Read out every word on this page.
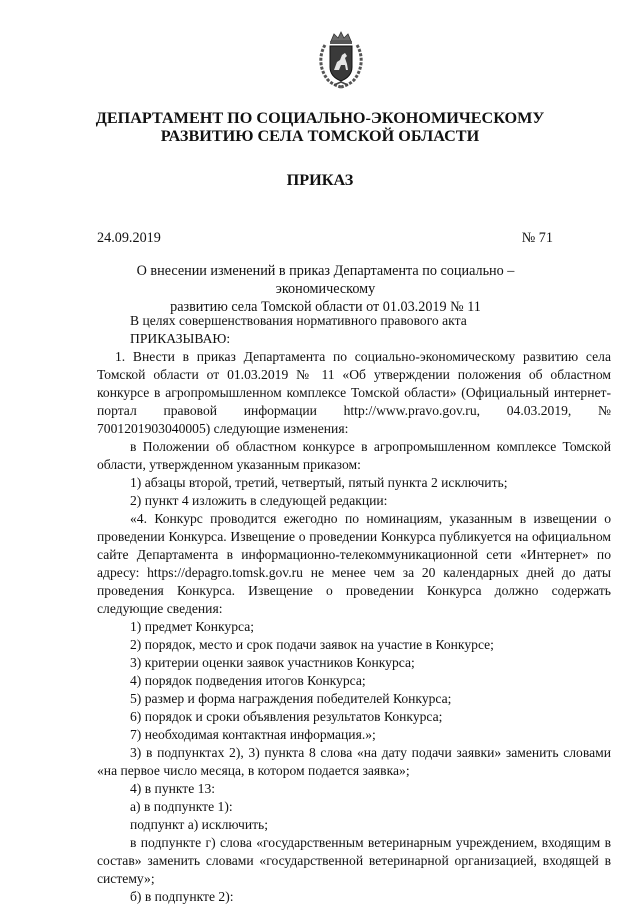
ДЕПАРТАМЕНТ ПО СОЦИАЛЬНО-ЭКОНОМИЧЕСКОМУ
РАЗВИТИЮ СЕЛА ТОМСКОЙ ОБЛАСТИ
ПРИКАЗ
24.09.2019	№ 71
О внесении изменений в приказ Департамента по социально – экономическому
развитию села Томской области от 01.03.2019 № 11

В целях совершенствования нормативного правового акта

ПРИКАЗЫВАЮ:

1. Внести в приказ Департамента по социально-экономическому развитию села Томской области от 01.03.2019 № 11 «Об утверждении положения об областном конкурсе в агропромышленном комплексе Томской области» (Официальный интернет-портал правовой информации http://www.pravo.gov.ru, 04.03.2019, № 7001201903040005) следующие изменения:

в Положении об областном конкурсе в агропромышленном комплексе Томской области, утвержденном указанным приказом:

1) абзацы второй, третий, четвертый, пятый пункта 2 исключить;

2) пункт 4 изложить в следующей редакции:

«4. Конкурс проводится ежегодно по номинациям, указанным в извещении о проведении Конкурса. Извещение о проведении Конкурса публикуется на официальном сайте Департамента в информационно-телекоммуникационной сети «Интернет» по адресу: https://depagro.tomsk.gov.ru не менее чем за 20 календарных дней до даты проведения Конкурса. Извещение о проведении Конкурса должно содержать следующие сведения:

1) предмет Конкурса;

2) порядок, место и срок подачи заявок на участие в Конкурсе;

3) критерии оценки заявок участников Конкурса;

4) порядок подведения итогов Конкурса;

5) размер и форма награждения победителей Конкурса;

6) порядок и сроки объявления результатов Конкурса;

7) необходимая контактная информация.»;

3) в подпунктах 2), 3) пункта 8 слова «на дату подачи заявки» заменить словами «на первое число месяца, в котором подается заявка»;

4) в пункте 13:

а) в подпункте 1):

подпункт а) исключить;

в подпункте г) слова «государственным ветеринарным учреждением, входящим в состав» заменить словами «государственной ветеринарной организацией, входящей в систему»;

б) в подпункте 2):
